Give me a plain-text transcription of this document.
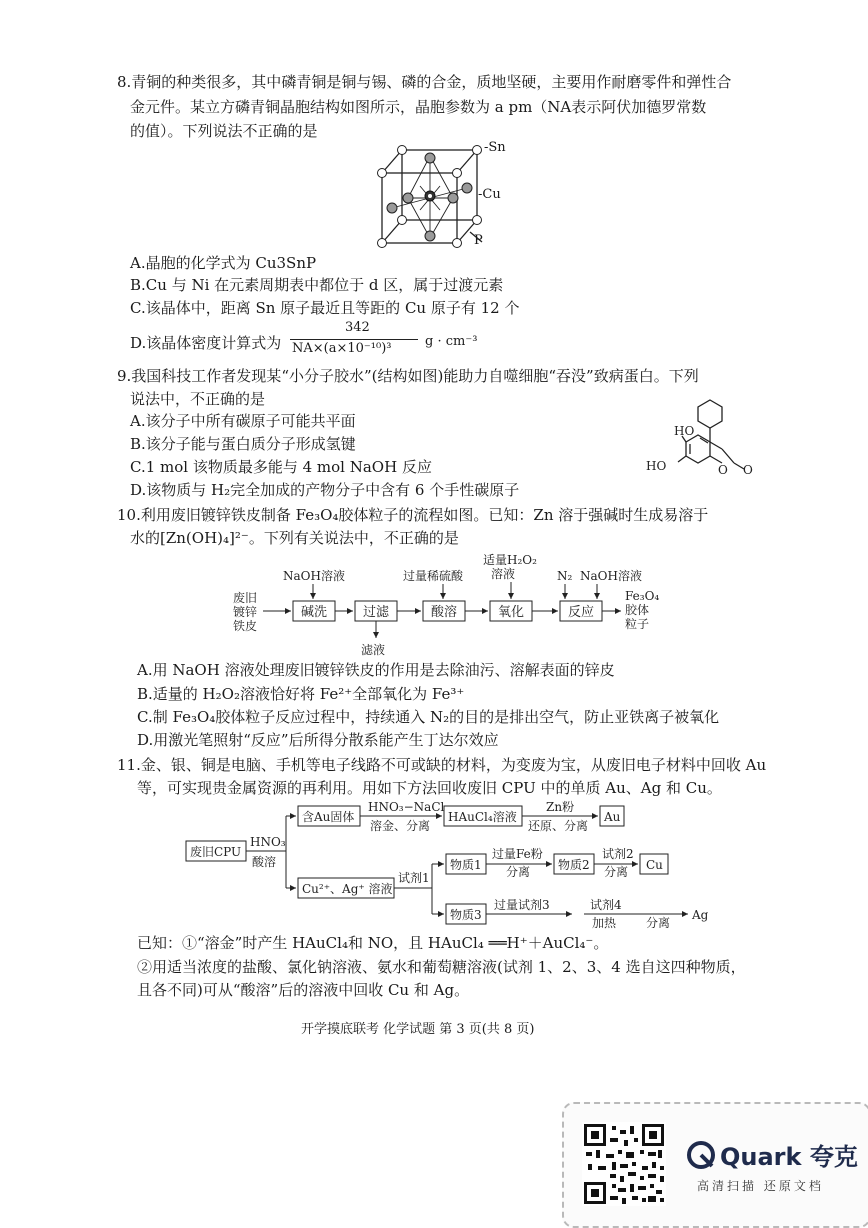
8.青铜的种类很多，其中磷青铜是铜与锡、磷的合金，质地坚硬，主要用作耐磨零件和弹性合
金元件。某立方磷青铜晶胞结构如图所示，晶胞参数为 a pm（NA表示阿伏加德罗常数
的值）。下列说法不正确的是
-Sn
-Cu
P
A.晶胞的化学式为 Cu3SnP
B.Cu 与 Ni 在元素周期表中都位于 d 区，属于过渡元素
C.该晶体中，距离 Sn 原子最近且等距的 Cu 原子有 12 个
D.该晶体密度计算式为
342
NA×(a×10⁻¹⁰)³	g · cm⁻³
9.我国科技工作者发现某“小分子胶水”(结构如图)能助力自噬细胞“吞没”致病蛋白。下列
说法中，不正确的是
A.该分子中所有碳原子可能共平面
B.该分子能与蛋白质分子形成氢键
C.1 mol 该物质最多能与 4 mol NaOH 反应
D.该物质与 H₂完全加成的产物分子中含有 6 个手性碳原子
HO
HO	O O
10.利用废旧镀锌铁皮制备 Fe₃O₄胶体粒子的流程如图。已知：Zn 溶于强碱时生成易溶于
水的[Zn(OH)₄]²⁻。下列有关说法中，不正确的是
废旧
镀锌
铁皮
NaOH溶液	过量稀硫酸
适量H₂O₂
溶液	N₂ NaOH溶液
滤液
Fe₃O₄
胶体
粒子
碱洗	过滤	酸溶	氧化	反应
A.用 NaOH 溶液处理废旧镀锌铁皮的作用是去除油污、溶解表面的锌皮
B.适量的 H₂O₂溶液恰好将 Fe²⁺全部氧化为 Fe³⁺
C.制 Fe₃O₄胶体粒子反应过程中，持续通入 N₂的目的是排出空气，防止亚铁离子被氧化
D.用激光笔照射“反应”后所得分散系能产生丁达尔效应
11.金、银、铜是电脑、手机等电子线路不可或缺的材料，为变废为宝，从废旧电子材料中回收 Au
等，可实现贵金属资源的再利用。用如下方法回收废旧 CPU 中的单质 Au、Ag 和 Cu。
废旧CPU
HNO₃
酸溶
含Au固体
HNO₃−NaCl
溶金、分离
HAuCl₄溶液
Zn粉
还原、分离
Au
Cu²⁺、Ag⁺ 溶液
试剂1
物质1
过量Fe粉
分离 物质2
试剂2
分离 Cu
物质3
过量试剂3	试剂4
加热 分离
Ag
已知：①“溶金”时产生 HAuCl₄和 NO，且 HAuCl₄ ══H⁺＋AuCl₄⁻。
②用适当浓度的盐酸、氯化钠溶液、氨水和葡萄糖溶液(试剂 1、2、3、4 选自这四种物质，
且各不同)可从“酸溶”后的溶液中回收 Cu 和 Ag。
开学摸底联考 化学试题 第 3 页(共 8 页)
Quark 夸克
高清扫描 还原文档
